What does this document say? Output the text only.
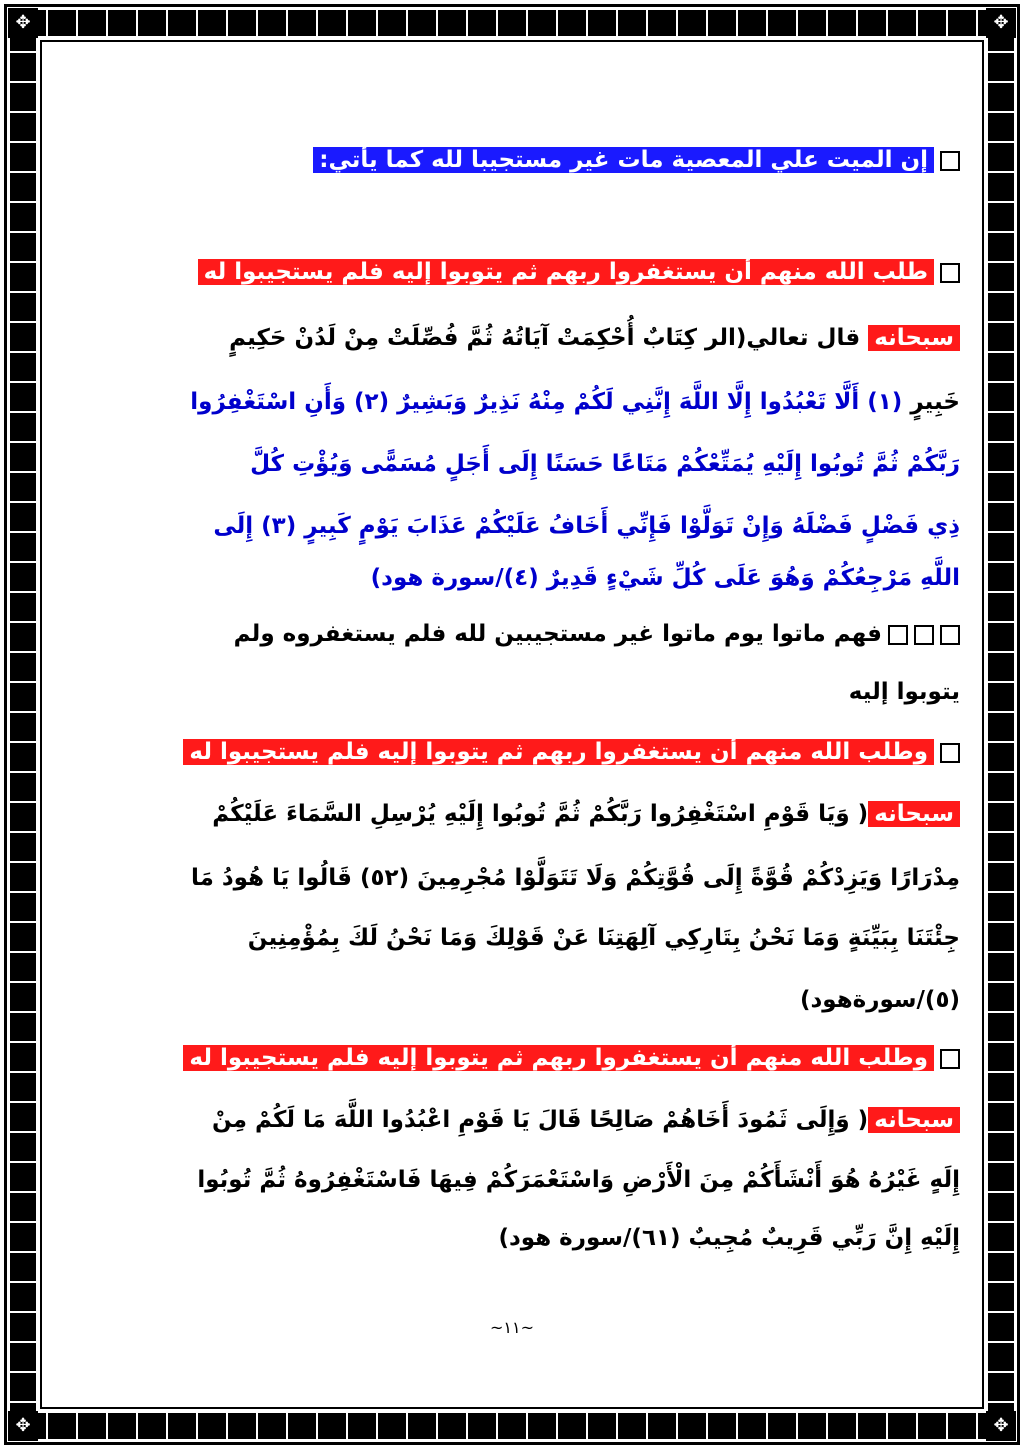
✥	✥
✥	✥
إن الميت علي المعصية مات غير مستجيبا لله كما يأتي:
طلب الله منهم أن يستغفروا ربهم ثم يتوبوا إليه فلم يستجيبوا له
سبحانه قال تعالي(الر كِتَابٌ أُحْكِمَتْ آيَاتُهُ ثُمَّ فُصِّلَتْ مِنْ لَدُنْ حَكِيمٍ
خَبِيرٍ (١) أَلَّا تَعْبُدُوا إِلَّا اللَّهَ إِنَّنِي لَكُمْ مِنْهُ نَذِيرٌ وَبَشِيرٌ (٢) وَأَنِ اسْتَغْفِرُوا
رَبَّكُمْ ثُمَّ تُوبُوا إِلَيْهِ يُمَتِّعْكُمْ مَتَاعًا حَسَنًا إِلَى أَجَلٍ مُسَمًّى وَيُؤْتِ كُلَّ
ذِي فَضْلٍ فَضْلَهُ وَإِنْ تَوَلَّوْا فَإِنِّي أَخَافُ عَلَيْكُمْ عَذَابَ يَوْمٍ كَبِيرٍ (٣) إِلَى
اللَّهِ مَرْجِعُكُمْ وَهُوَ عَلَى كُلِّ شَيْءٍ قَدِيرٌ (٤)/سورة هود)
فهم ماتوا يوم ماتوا غير مستجيبين لله فلم يستغفروه ولم
يتوبوا إليه
وطلب الله منهم أن يستغفروا ربهم ثم يتوبوا إليه فلم يستجيبوا له
سبحانه( وَيَا قَوْمِ اسْتَغْفِرُوا رَبَّكُمْ ثُمَّ تُوبُوا إِلَيْهِ يُرْسِلِ السَّمَاءَ عَلَيْكُمْ
مِدْرَارًا وَيَزِدْكُمْ قُوَّةً إِلَى قُوَّتِكُمْ وَلَا تَتَوَلَّوْا مُجْرِمِينَ (٥٢) قَالُوا يَا هُودُ مَا
جِئْتَنَا بِبَيِّنَةٍ وَمَا نَحْنُ بِتَارِكِي آلِهَتِنَا عَنْ قَوْلِكَ وَمَا نَحْنُ لَكَ بِمُؤْمِنِينَ
(٥)/سورةهود)
وطلب الله منهم أن يستغفروا ربهم ثم يتوبوا إليه فلم يستجيبوا له
سبحانه( وَإِلَى ثَمُودَ أَخَاهُمْ صَالِحًا قَالَ يَا قَوْمِ اعْبُدُوا اللَّهَ مَا لَكُمْ مِنْ
إِلَهٍ غَيْرُهُ هُوَ أَنْشَأَكُمْ مِنَ الْأَرْضِ وَاسْتَعْمَرَكُمْ فِيهَا فَاسْتَغْفِرُوهُ ثُمَّ تُوبُوا
إِلَيْهِ إِنَّ رَبِّي قَرِيبٌ مُجِيبٌ (٦١)/سورة هود)
~١١~
